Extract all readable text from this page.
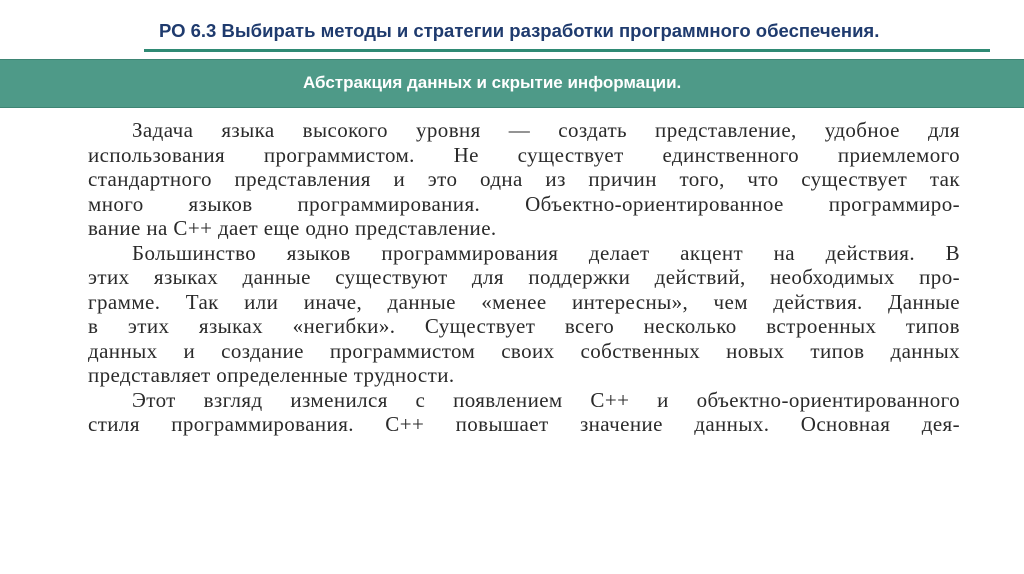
РО 6.3 Выбирать методы и стратегии разработки программного обеспечения.
Абстракция данных и скрытие информации.
Задача языка высокого уровня — создать представление, удобное для
использования программистом. Не существует единственного приемлемого
стандартного представления и это одна из причин того, что существует так
много языков программирования. Объектно-ориентированное программиро-
вание на С++ дает еще одно представление.
Большинство языков программирования делает акцент на действия. В
этих языках данные существуют для поддержки действий, необходимых про-
грамме. Так или иначе, данные «менее интересны», чем действия. Данные
в этих языках «негибки». Существует всего несколько встроенных типов
данных и создание программистом своих собственных новых типов данных
представляет определенные трудности.
Этот взгляд изменился с появлением С++ и объектно-ориентированного
стиля программирования. С++ повышает значение данных. Основная дея-
